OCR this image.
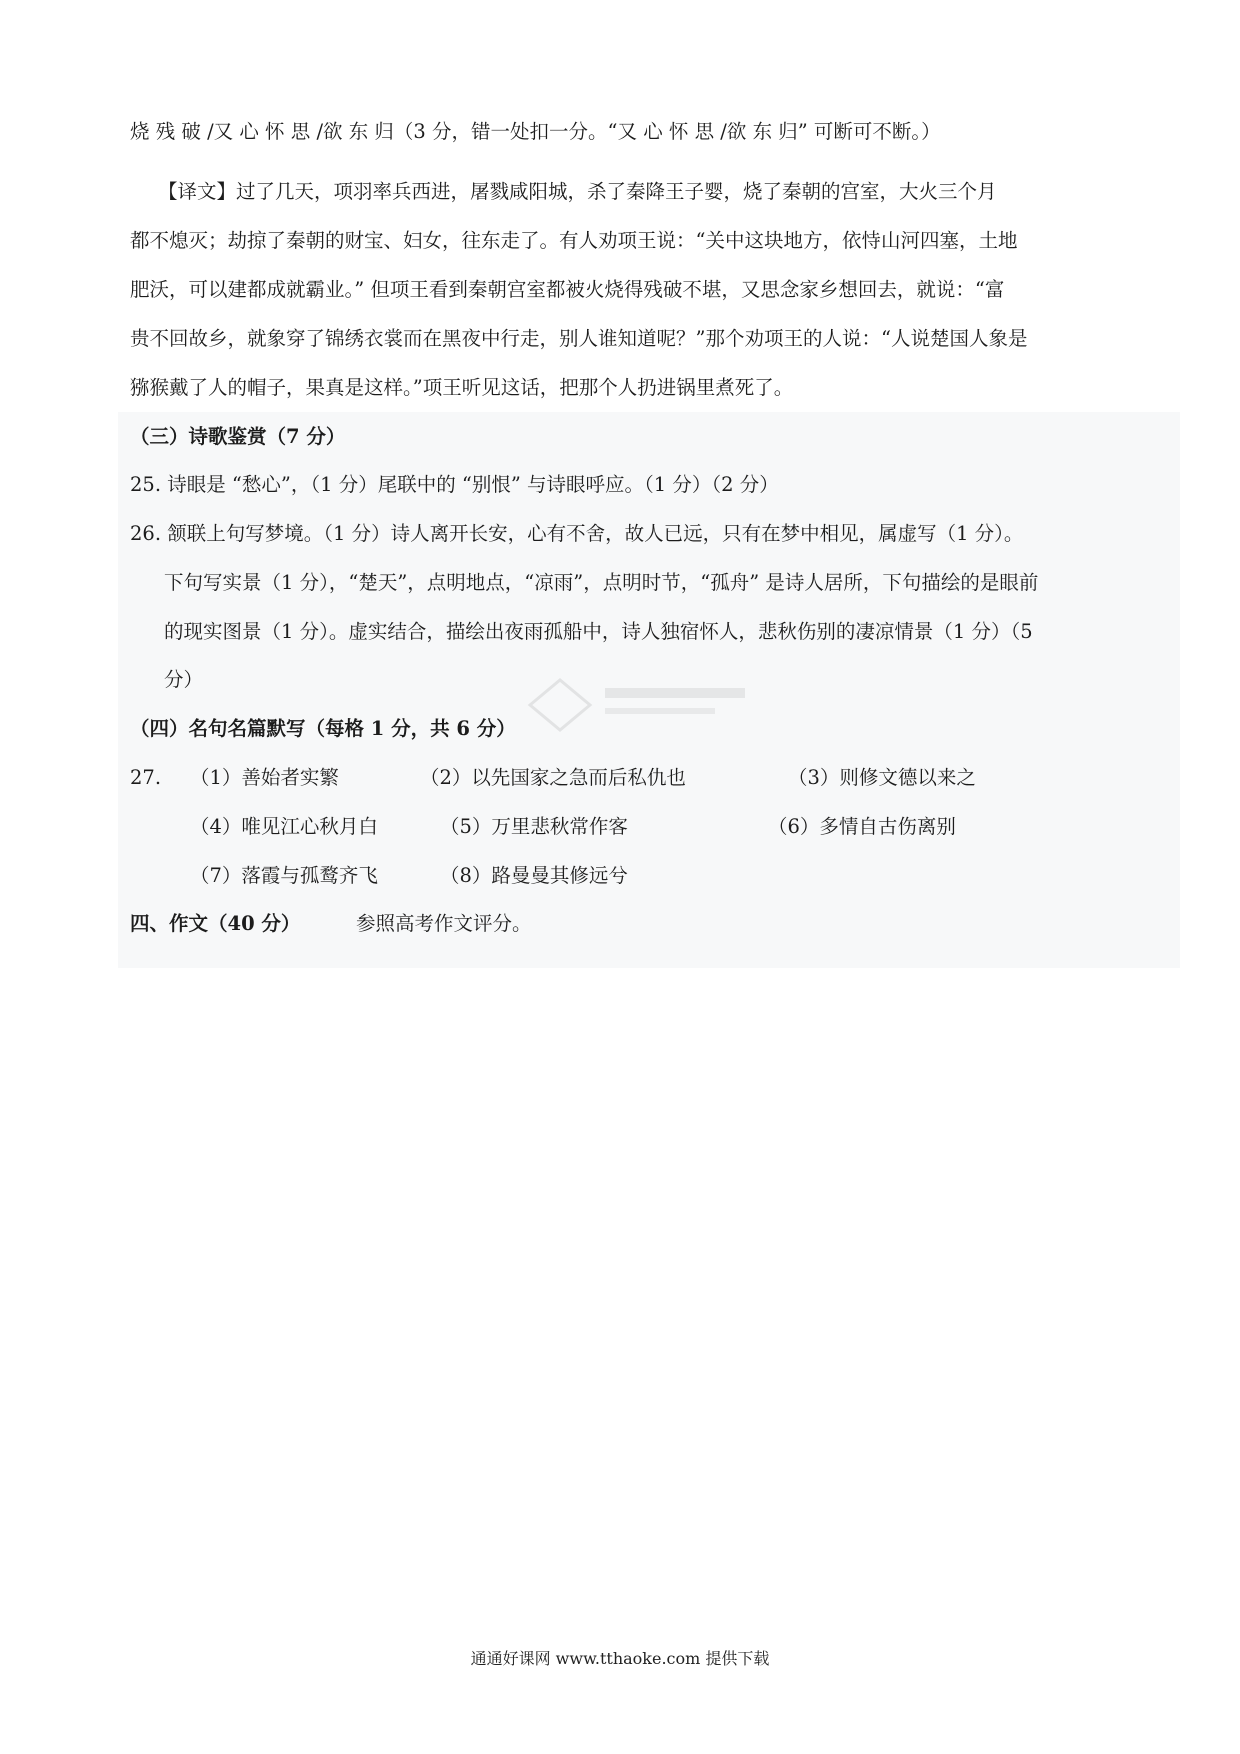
烧 残 破 /又 心 怀 思 /欲 东 归（3 分，错一处扣一分。“又 心 怀 思 /欲 东 归” 可断可不断。）
【译文】过了几天，项羽率兵西进，屠戮咸阳城，杀了秦降王子婴，烧了秦朝的宫室，大火三个月
都不熄灭；劫掠了秦朝的财宝、妇女，往东走了。有人劝项王说：“关中这块地方，依恃山河四塞，土地
肥沃，可以建都成就霸业。” 但项王看到秦朝宫室都被火烧得残破不堪，又思念家乡想回去，就说：“富
贵不回故乡，就象穿了锦绣衣裳而在黑夜中行走，别人谁知道呢？”那个劝项王的人说：“人说楚国人象是
猕猴戴了人的帽子，果真是这样。”项王听见这话，把那个人扔进锅里煮死了。
（三）诗歌鉴赏（7 分）
25. 诗眼是 “愁心”，（1 分）尾联中的 “别恨” 与诗眼呼应。（1 分）（2 分）
26. 颔联上句写梦境。（1 分）诗人离开长安，心有不舍，故人已远，只有在梦中相见，属虚写（1 分）。
下句写实景（1 分），“楚天”，点明地点，“凉雨”，点明时节，“孤舟” 是诗人居所，下句描绘的是眼前
的现实图景（1 分）。虚实结合，描绘出夜雨孤船中，诗人独宿怀人，悲秋伤别的凄凉情景（1 分）（5
分）
（四）名句名篇默写（每格 1 分，共 6 分）
27. （1）善始者实繁	（2）以先国家之急而后私仇也	（3）则修文德以来之
（4）唯见江心秋月白	（5）万里悲秋常作客	（6）多情自古伤离别
（7）落霞与孤鹜齐飞	（8）路曼曼其修远兮
四、作文（40 分）	参照高考作文评分。
通通好课网 www.tthaoke.com 提供下载
